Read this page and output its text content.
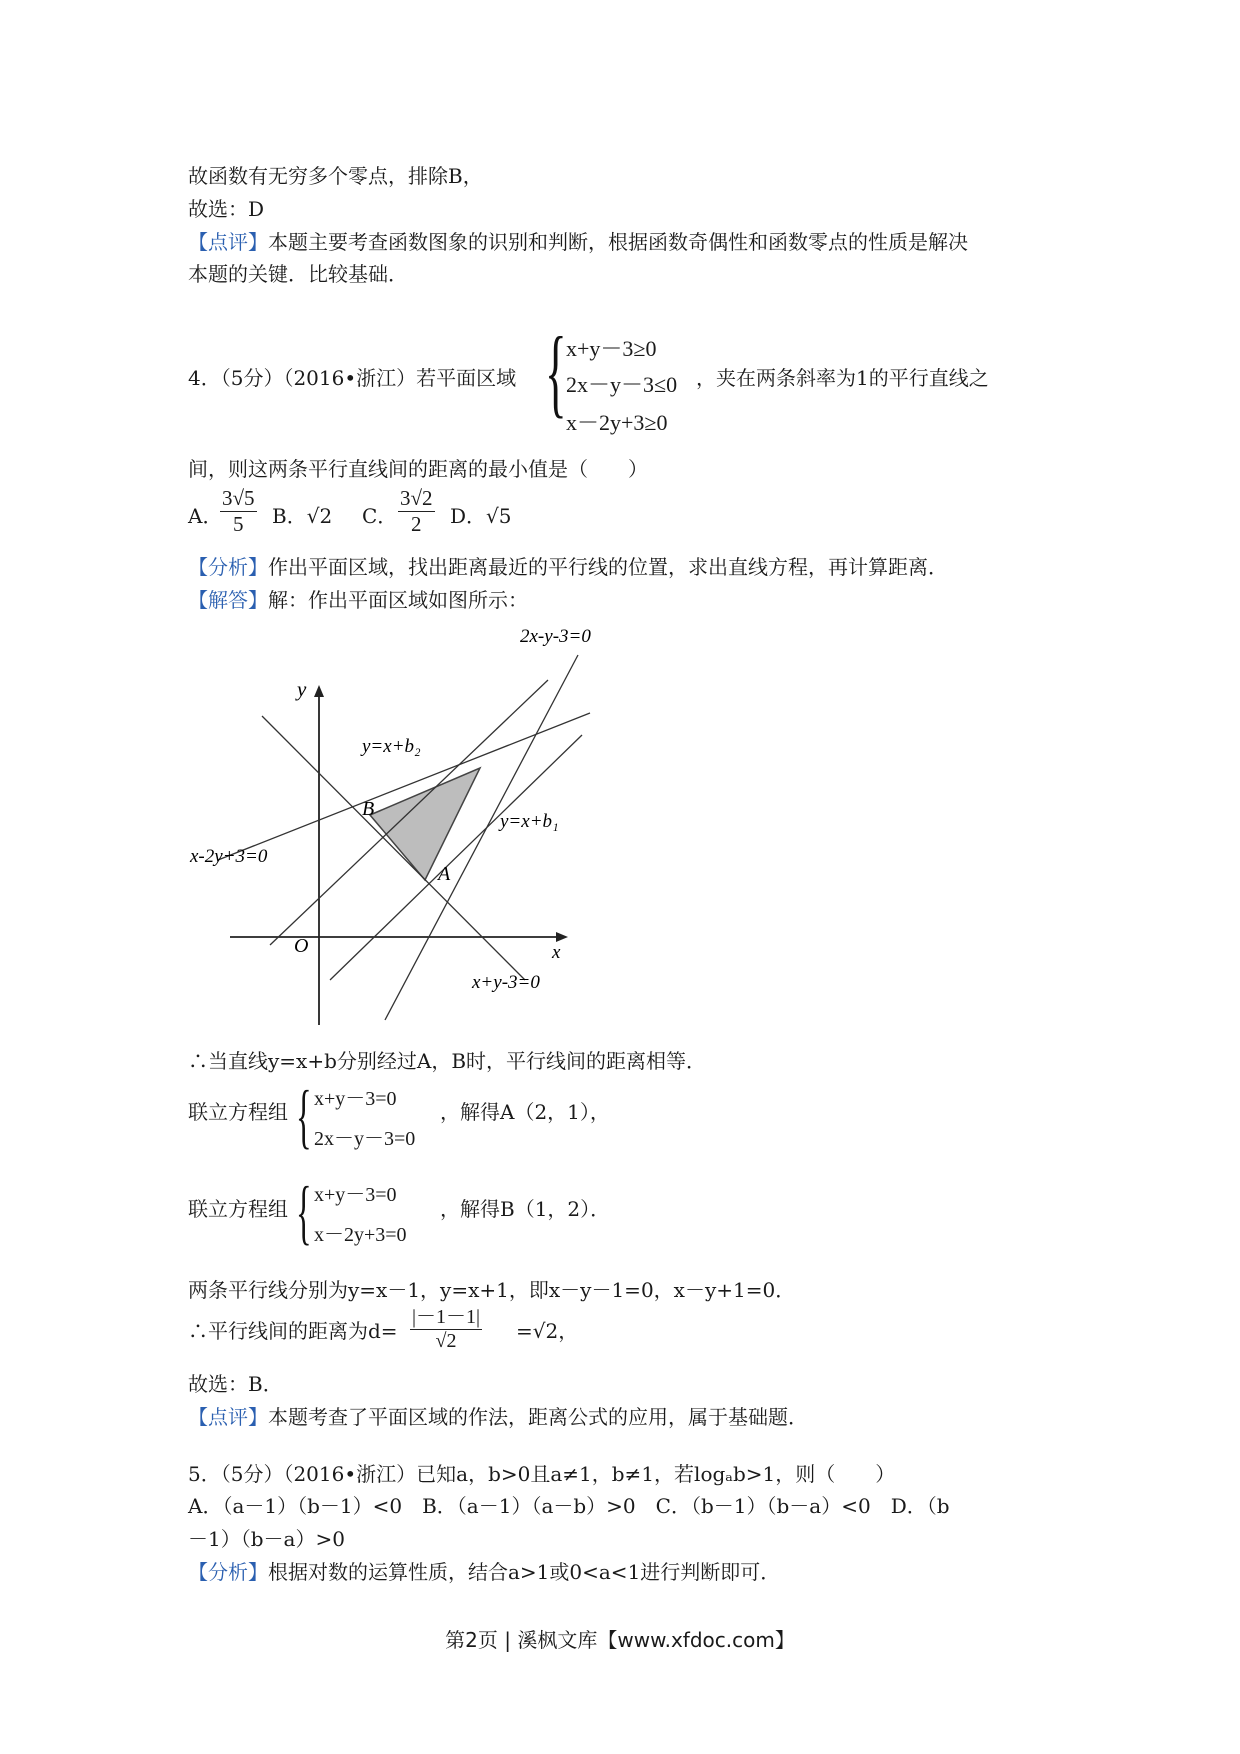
故函数有无穷多个零点，排除B，
故选：D
【点评】本题主要考查函数图象的识别和判断，根据函数奇偶性和函数零点的性质是解决
本题的关键．比较基础．
4．（5分）（2016•浙江）若平面区域 { x+y－3≥0
2x－y－3≤0
x－2y+3≥0
，夹在两条斜率为1的平行直线之
间，则这两条平行直线间的距离的最小值是（　　）
A．
$\frac{3√5}{5}$ B．√2 C． $\frac{3√2}{2}$ D．√5
【分析】作出平面区域，找出距离最近的平行线的位置，求出直线方程，再计算距离．
【解答】解：作出平面区域如图所示：
2x-y-3=0
y=x+b₂
y=x+b₁
x-2y+3=0
x+y-3=0
x
y
O
A
B
∴当直线y=x+b分别经过A，B时，平行线间的距离相等．
联立方程组 { x+y－3=0
2x－y－3=0
，解得A（2，1），
联立方程组 { x+y－3=0
x－2y+3=0
，解得B（1，2）．
两条平行线分别为y=x－1，y=x+1，即x－y－1=0，x－y+1=0．
∴平行线间的距离为$d= \frac{|-1-1|}{√2} =√2$，
故选：B．
【点评】本题考查了平面区域的作法，距离公式的应用，属于基础题．
5．（5分）（2016•浙江）已知a，b>0且a≠1，b≠1，若logₐb>1，则（　　）
A．（a－1）（b－1）<0　B．（a－1）（a－b）>0　C．（b－1）（b－a）<0　D．（b
－1）（b－a）>0
【分析】根据对数的运算性质，结合a>1或0<a<1进行判断即可．
第2页 | 溪枫文库【www.xfdoc.com】
